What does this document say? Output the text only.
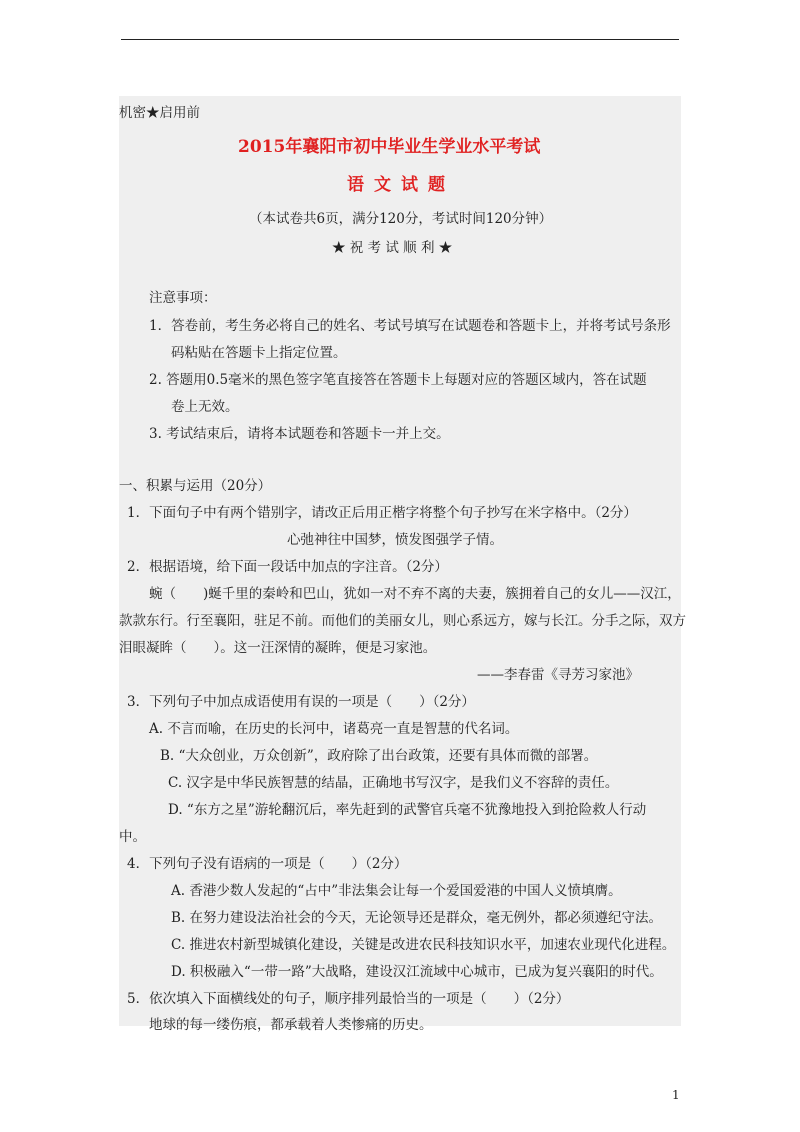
机密★启用前
2015年襄阳市初中毕业生学业水平考试
语文试题
（本试卷共6页，满分120分，考试时间120分钟）
★ 祝 考 试 顺 利 ★
注意事项：
1．答卷前，考生务必将自己的姓名、考试号填写在试题卷和答题卡上，并将考试号条形
码粘贴在答题卡上指定位置。
2. 答题用0.5毫米的黑色签字笔直接答在答题卡上每题对应的答题区域内，答在试题
卷上无效。
3. 考试结束后，请将本试题卷和答题卡一并上交。
一、积累与运用（20分）
1．下面句子中有两个错别字，请改正后用正楷字将整个句子抄写在米字格中。（2分）
心弛神往中国梦，愤发图强学子情。
2．根据语境，给下面一段话中加点的字注音。（2分）
蜿（　　)蜒千里的秦岭和巴山，犹如一对不弃不离的夫妻，簇拥着自己的女儿——汉江，
款款东行。行至襄阳，驻足不前。而他们的美丽女儿，则心系远方，嫁与长江。分手之际，双方
泪眼凝眸（　　）。这一汪深情的凝眸，便是习家池。
——李春雷《寻芳习家池》
3．下列句子中加点成语使用有误的一项是（　　）（2分）
A. 不言而喻，在历史的长河中，诸葛亮一直是智慧的代名词。
B. “大众创业，万众创新”，政府除了出台政策，还要有具体而微的部署。
C. 汉字是中华民族智慧的结晶，正确地书写汉字，是我们义不容辞的责任。
D. “东方之星”游轮翻沉后，率先赶到的武警官兵毫不犹豫地投入到抢险救人行动
中。
4．下列句子没有语病的一项是（　　）（2分）
A. 香港少数人发起的“占中”非法集会让每一个爱国爱港的中国人义愤填膺。
B. 在努力建设法治社会的今天，无论领导还是群众，毫无例外，都必须遵纪守法。
C. 推进农村新型城镇化建设，关键是改进农民科技知识水平，加速农业现代化进程。
D. 积极融入“一带一路”大战略，建设汉江流域中心城市，已成为复兴襄阳的时代。
5．依次填入下面横线处的句子，顺序排列最恰当的一项是（　　）（2分）
地球的每一缕伤痕，都承载着人类惨痛的历史。
1
